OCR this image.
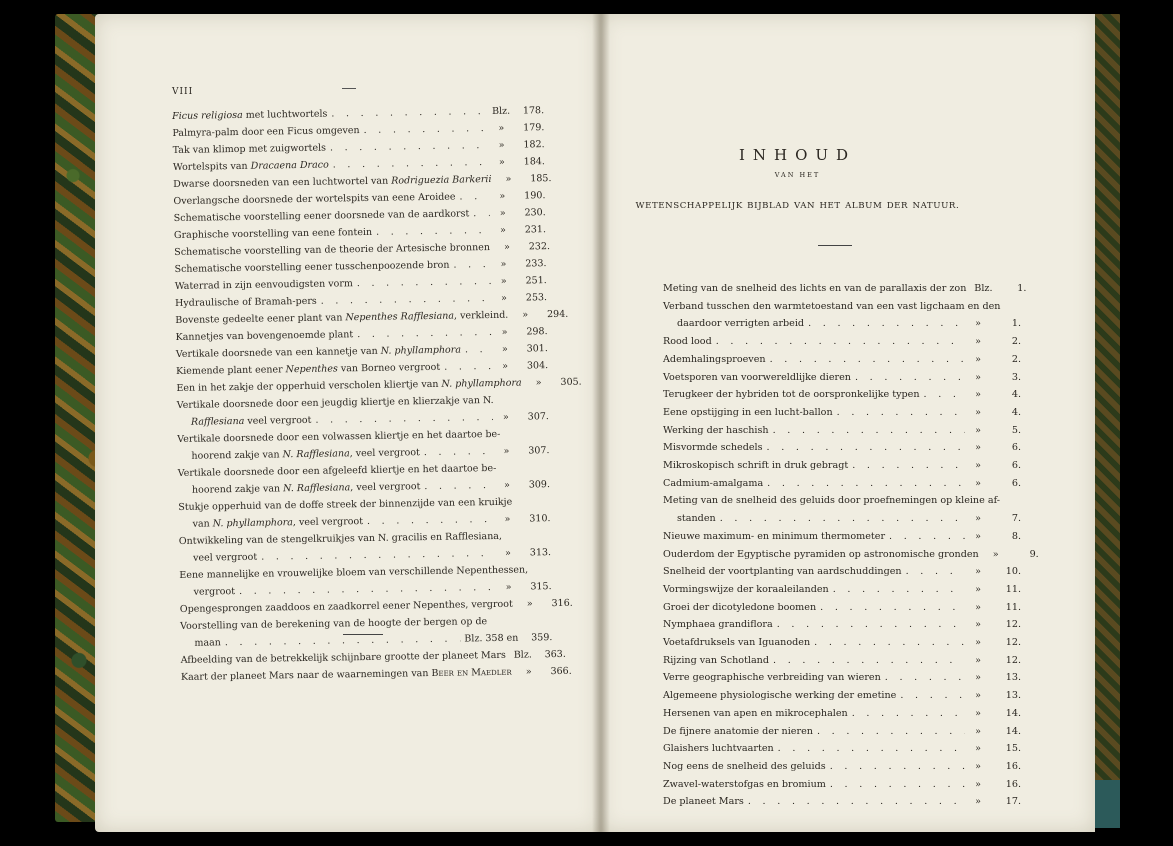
VIII
Ficus religiosa met luchtwortels . . .	Blz.	178.
Palmyra-palm door een Ficus omgeven . . .	»	179.
Tak van klimop met zuigwortels . . .	»	182.
Wortelspits van Dracaena Draco . . .	»	184.
Dwarse doorsneden van een luchtwortel van Rodriguezia Barkerii . . .	»	185.
Overlangsche doorsnede der wortelspits van eene Aroidee . . .	»	190.
Schematische voorstelling eener doorsnede van de aardkorst . . .	»	230.
Graphische voorstelling van eene fontein . . .	»	231.
Schematische voorstelling van de theorie der Artesische bronnen . . .	»	232.
Schematische voorstelling eener tusschenpoozende bron . . .	»	233.
Waterrad in zijn eenvoudigsten vorm . . .	»	251.
Hydraulische of Bramah-pers . . .	»	253.
Bovenste gedeelte eener plant van Nepenthes Rafflesiana, verkleind. . . .	»	294.
Kannetjes van bovengenoemde plant . . .	»	298.
Vertikale doorsnede van een kannetje van N. phyllamphora . . .	»	301.
Kiemende plant eener Nepenthes van Borneo vergroot . . .	»	304.
Een in het zakje der opperhuid verscholen kliertje van N. phyllamphora . . .	»	305.
Vertikale doorsnede door een jeugdig kliertje en klierzakje van N.
Rafflesiana veel vergroot . . .	»	307.
Vertikale doorsnede door een volwassen kliertje en het daartoe be-
hoorend zakje van N. Rafflesiana, veel vergroot . . .	»	307.
Vertikale doorsnede door een afgeleefd kliertje en het daartoe be-
hoorend zakje van N. Rafflesiana, veel vergroot . . .	»	309.
Stukje opperhuid van de doffe streek der binnenzijde van een kruikje
van N. phyllamphora, veel vergroot . . .	»	310.
Ontwikkeling van de stengelkruikjes van N. gracilis en Rafflesiana,
veel vergroot . . .	»	313.
Eene mannelijke en vrouwelijke bloem van verschillende Nepenthessen,
vergroot . . .	»	315.
Opengesprongen zaaddoos en zaadkorrel eener Nepenthes, vergroot . . .	»	316.
Voorstelling van de berekening van de hoogte der bergen op de
maan . . .	Blz. 358 en	359.
Afbeelding van de betrekkelijk schijnbare grootte der planeet Mars . . . Blz.	363.
Kaart der planeet Mars naar de waarnemingen van Beer en Maedler . . .	»	366.
INHOUD
VAN HET
WETENSCHAPPELIJK BIJBLAD VAN HET ALBUM DER NATUUR.
Meting van de snelheid des lichts en van de parallaxis der zon Blz.	1.
Verband tusschen den warmtetoestand van een vast ligchaam en den
daardoor verrigten arbeid . . .	»	1.
Rood lood . . .	»	2.
Ademhalingsproeven . . .	»	2.
Voetsporen van voorwereldlijke dieren . . .	»	3.
Terugkeer der hybriden tot de oorspronkelijke typen . . .	»	4.
Eene opstijging in een lucht-ballon . . .	»	4.
Werking der haschish . . .	»	5.
Misvormde schedels . . .	»	6.
Mikroskopisch schrift in druk gebragt . . .	»	6.
Cadmium-amalgama . . .	»	6.
Meting van de snelheid des geluids door proefnemingen op kleine af-
standen . . .	»	7.
Nieuwe maximum- en minimum thermometer . . .	»	8.
Ouderdom der Egyptische pyramiden op astronomische gronden	»	9.
Snelheid der voortplanting van aardschuddingen . . .	»	10.
Vormingswijze der koraaleilanden . . .	»	11.
Groei der dicotyledone boomen . . .	»	11.
Nymphaea grandiflora . . .	»	12.
Voetafdruksels van Iguanoden . . .	»	12.
Rijzing van Schotland . . .	»	12.
Verre geographische verbreiding van wieren . . .	»	13.
Algemeene physiologische werking der emetine . . .	»	13.
Hersenen van apen en mikrocephalen . . .	»	14.
De fijnere anatomie der nieren . . .	»	14.
Glaishers luchtvaarten . . .	»	15.
Nog eens de snelheid des geluids . . .	»	16.
Zwavel-waterstofgas en bromium . . .	»	16.
De planeet Mars . . .	»	17.
